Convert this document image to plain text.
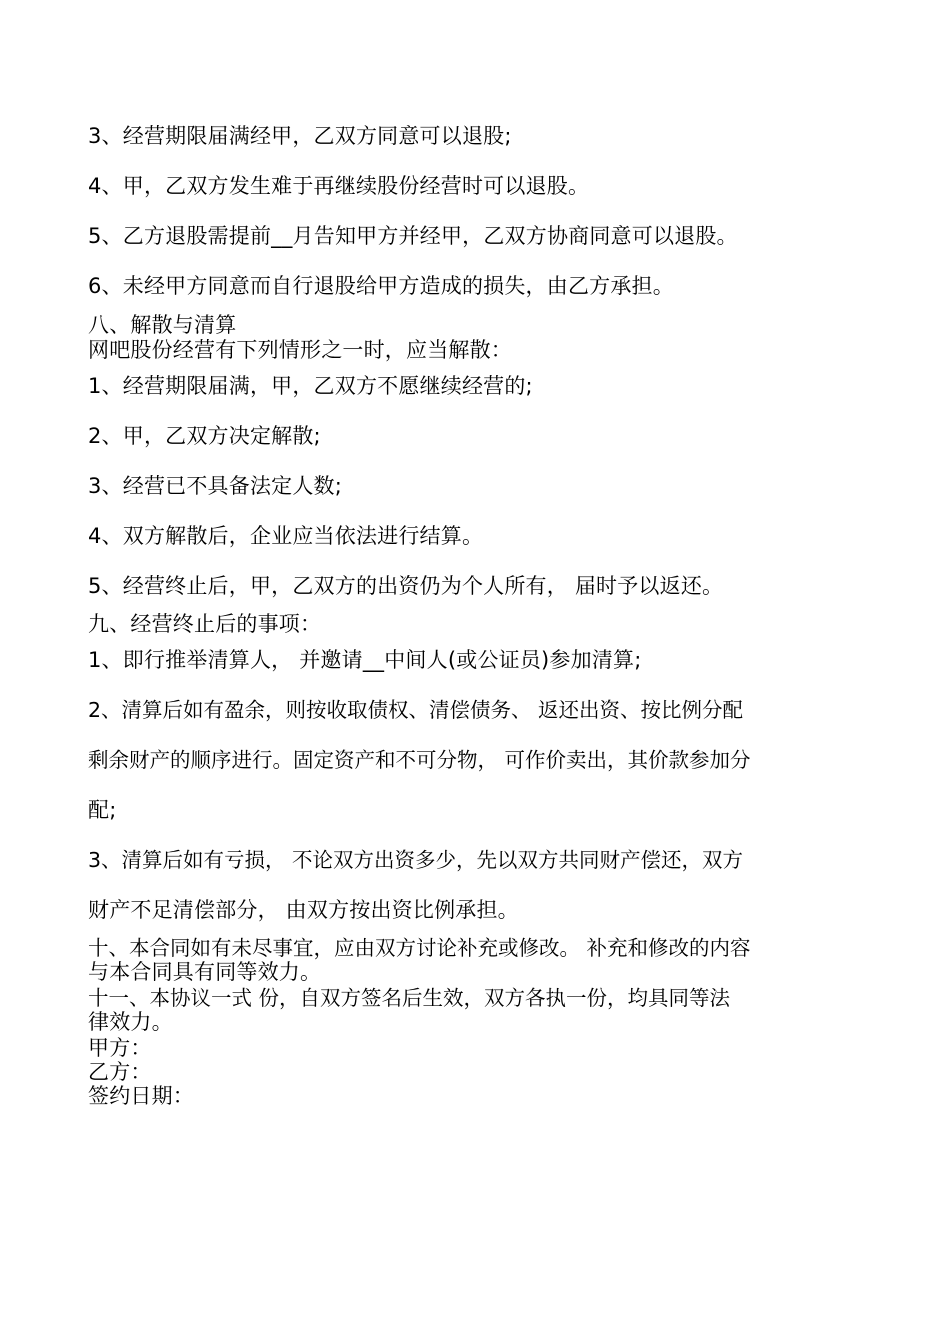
3、经营期限届满经甲，乙双方同意可以退股;
4、甲，乙双方发生难于再继续股份经营时可以退股。
5、乙方退股需提前__月告知甲方并经甲，乙双方协商同意可以退股。
6、未经甲方同意而自行退股给甲方造成的损失，由乙方承担。
八、解散与清算
网吧股份经营有下列情形之一时，应当解散：
1、经营期限届满，甲，乙双方不愿继续经营的;
2、甲，乙双方决定解散;
3、经营已不具备法定人数;
4、双方解散后，企业应当依法进行结算。
5、经营终止后，甲，乙双方的出资仍为个人所有， 届时予以返还。
九、经营终止后的事项：
1、即行推举清算人， 并邀请__中间人(或公证员)参加清算;
2、清算后如有盈余，则按收取债权、清偿债务、 返还出资、按比例分配
剩余财产的顺序进行。固定资产和不可分物， 可作价卖出，其价款参加分
配;
3、清算后如有亏损， 不论双方出资多少，先以双方共同财产偿还，双方
财产不足清偿部分， 由双方按出资比例承担。
十、本合同如有未尽事宜，应由双方讨论补充或修改。 补充和修改的内容
与本合同具有同等效力。
十一、本协议一式 份，自双方签名后生效，双方各执一份，均具同等法
律效力。
甲方：
乙方：
签约日期：
